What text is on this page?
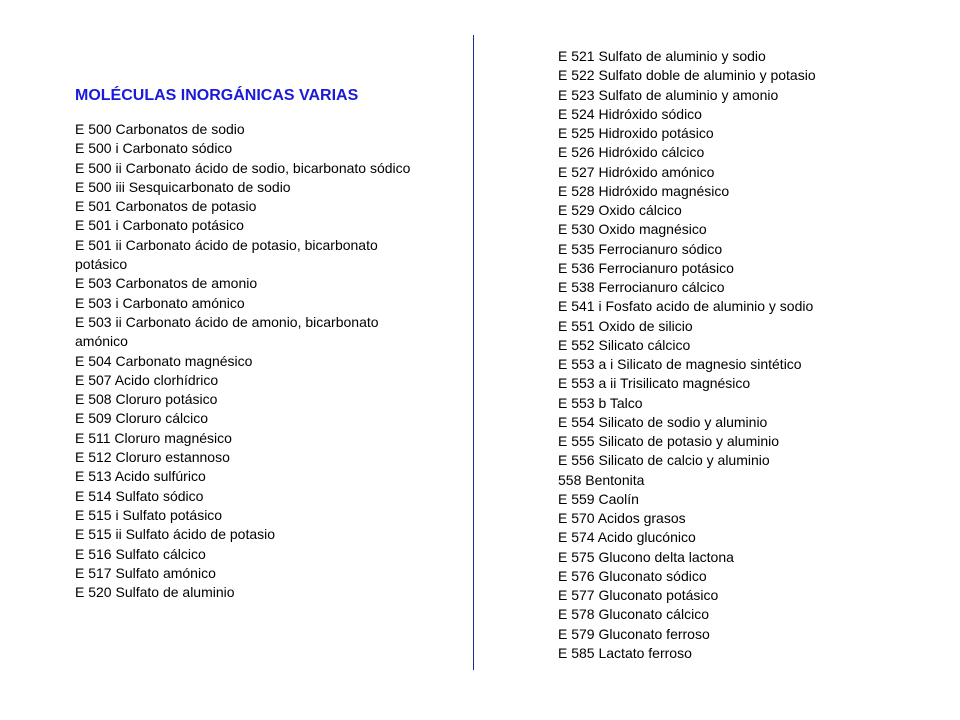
MOLÉCULAS INORGÁNICAS VARIAS
E 500 Carbonatos de sodio
E 500 i Carbonato sódico
E 500 ii Carbonato ácido de sodio, bicarbonato sódico
E 500 iii Sesquicarbonato de sodio
E 501 Carbonatos de potasio
E 501 i Carbonato potásico
E 501 ii Carbonato ácido de potasio, bicarbonato potásico
E 503 Carbonatos de amonio
E 503 i Carbonato amónico
E 503 ii Carbonato ácido de amonio, bicarbonato amónico
E 504 Carbonato magnésico
E 507 Acido clorhídrico
E 508 Cloruro potásico
E 509 Cloruro cálcico
E 511 Cloruro magnésico
E 512 Cloruro estannoso
E 513 Acido sulfúrico
E 514 Sulfato sódico
E 515 i Sulfato potásico
E 515 ii Sulfato ácido de potasio
E 516 Sulfato cálcico
E 517 Sulfato amónico
E 520 Sulfato de aluminio
E 521 Sulfato de aluminio y sodio
E 522 Sulfato doble de aluminio y potasio
E 523 Sulfato de aluminio y amonio
E 524 Hidróxido sódico
E 525 Hidroxido potásico
E 526 Hidróxido cálcico
E 527 Hidróxido amónico
E 528 Hidróxido magnésico
E 529 Oxido cálcico
E 530 Oxido magnésico
E 535 Ferrocianuro sódico
E 536 Ferrocianuro potásico
E 538 Ferrocianuro cálcico
E 541 i Fosfato acido de aluminio y sodio
E 551 Oxido de silicio
E 552 Silicato cálcico
E 553 a i Silicato de magnesio sintético
E 553 a ii Trisilicato magnésico
E 553 b Talco
E 554 Silicato de sodio y aluminio
E 555 Silicato de potasio y aluminio
E 556 Silicato de calcio y aluminio
558 Bentonita
E 559 Caolín
E 570 Acidos grasos
E 574 Acido glucónico
E 575 Glucono delta lactona
E 576 Gluconato sódico
E 577 Gluconato potásico
E 578 Gluconato cálcico
E 579 Gluconato ferroso
E 585 Lactato ferroso
